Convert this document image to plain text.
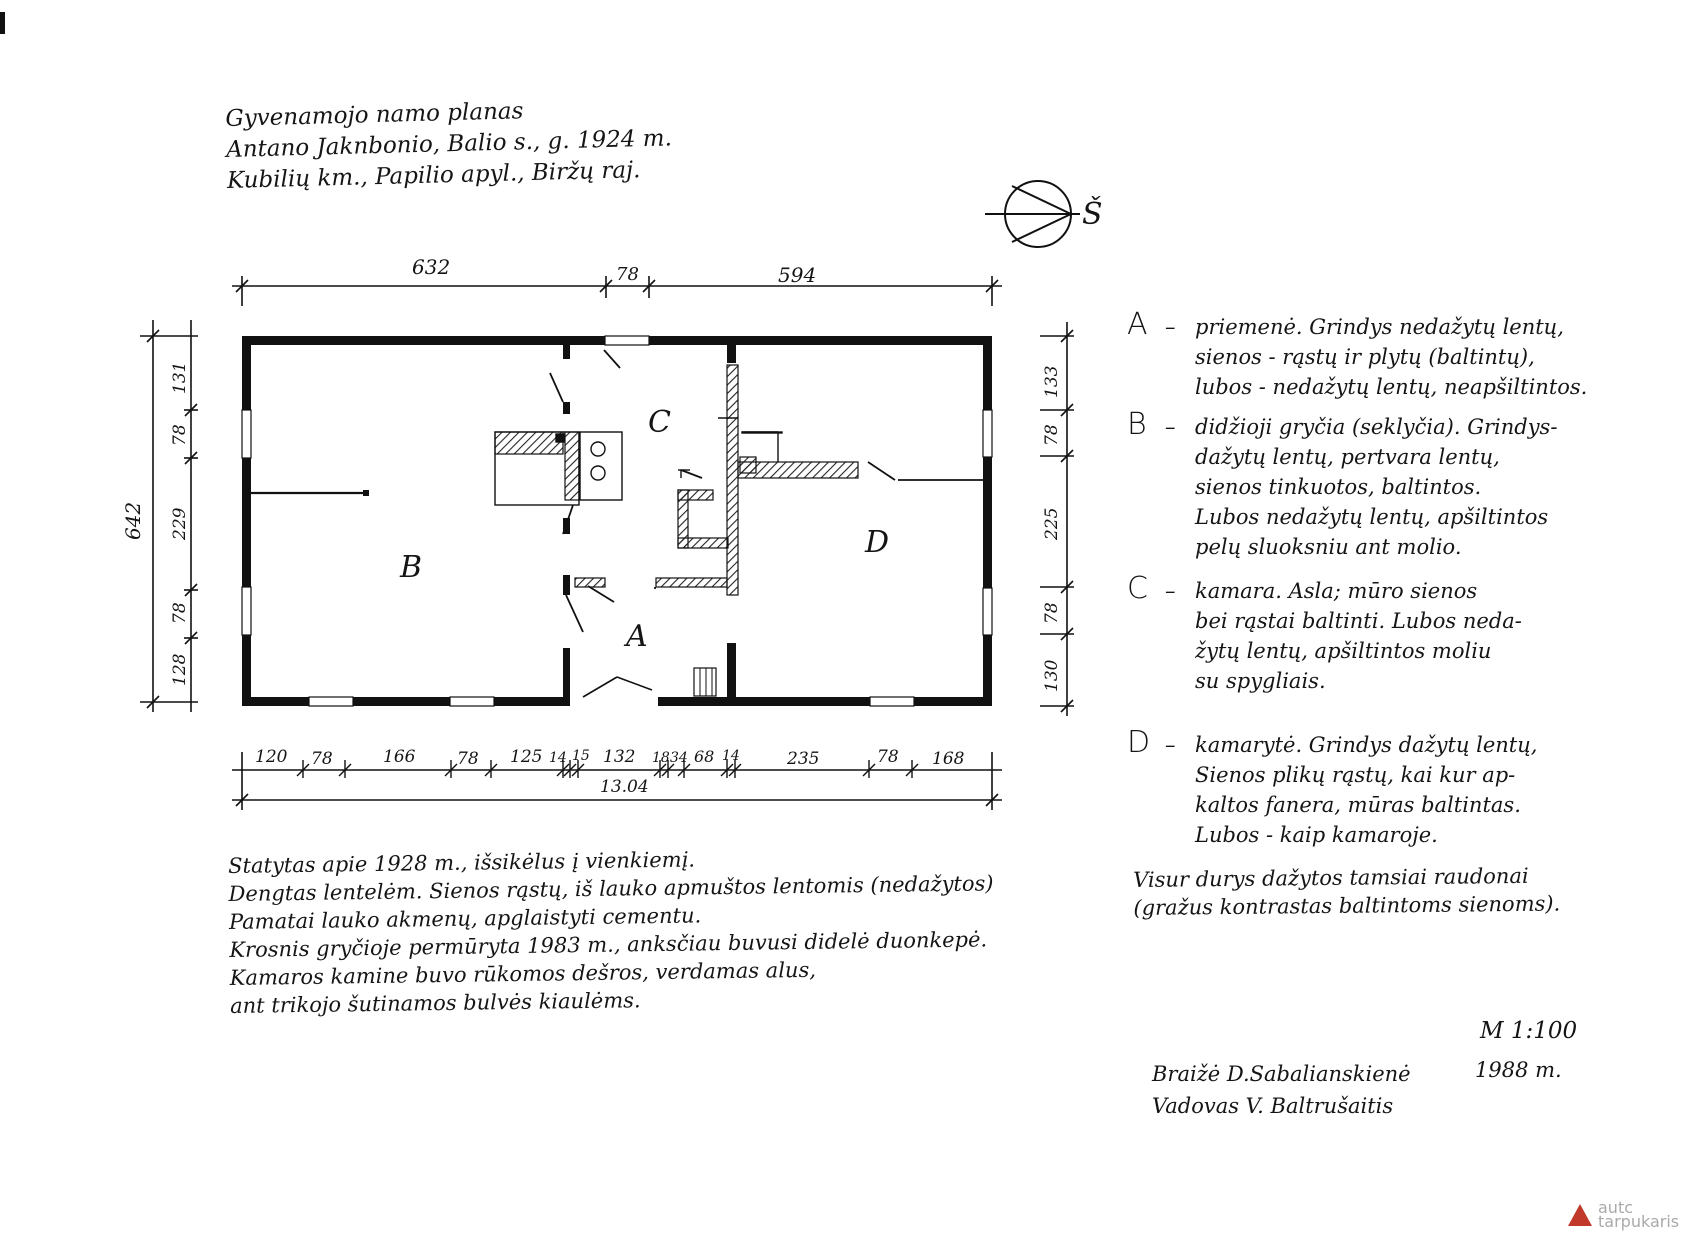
Gyvenamojo namo planas
Antano Jaknbonio, Balio s., g. 1924 m.
Kubilių km., Papilio apyl., Biržų raj.
Š
632	78	594
642
131
78
229
78
128
133
78
225
78
130
B
C
D
A
120 78	166 78 125 14 15 132 18 34 68 14	235	78 168
13.04
A – priemenė. Grindys nedažytų lentų,
sienos - rąstų ir plytų (baltintų),
lubos - nedažytų lentų, neapšiltintos.
B – didžioji gryčia (seklyčia). Grindys-
dažytų lentų, pertvara lentų,
sienos tinkuotos, baltintos.
Lubos nedažytų lentų, apšiltintos
pelų sluoksniu ant molio.
C – kamara. Asla; mūro sienos
bei rąstai baltinti. Lubos neda-
žytų lentų, apšiltintos moliu
su spygliais.
D – kamarytė. Grindys dažytų lentų,
Sienos plikų rąstų, kai kur ap-
kaltos fanera, mūras baltintas.
Lubos - kaip kamaroje.
Visur durys dažytos tamsiai raudonai
(gražus kontrastas baltintoms sienoms).
Statytas apie 1928 m., išsikėlus į vienkiemį.
Dengtas lentelėm. Sienos rąstų, iš lauko apmuštos lentomis (nedažytos)
Pamatai lauko akmenų, apglaistyti cementu.
Krosnis gryčioje permūryta 1983 m., anksčiau buvusi didelė duonkepė.
Kamaros kamine buvo rūkomos dešros, verdamas alus,
ant trikojo šutinamos bulvės kiaulėms.
M 1:100
Braižė D.Sabalianskienė	1988 m.
Vadovas V. Baltrušaitis
autc
tarpukaris
